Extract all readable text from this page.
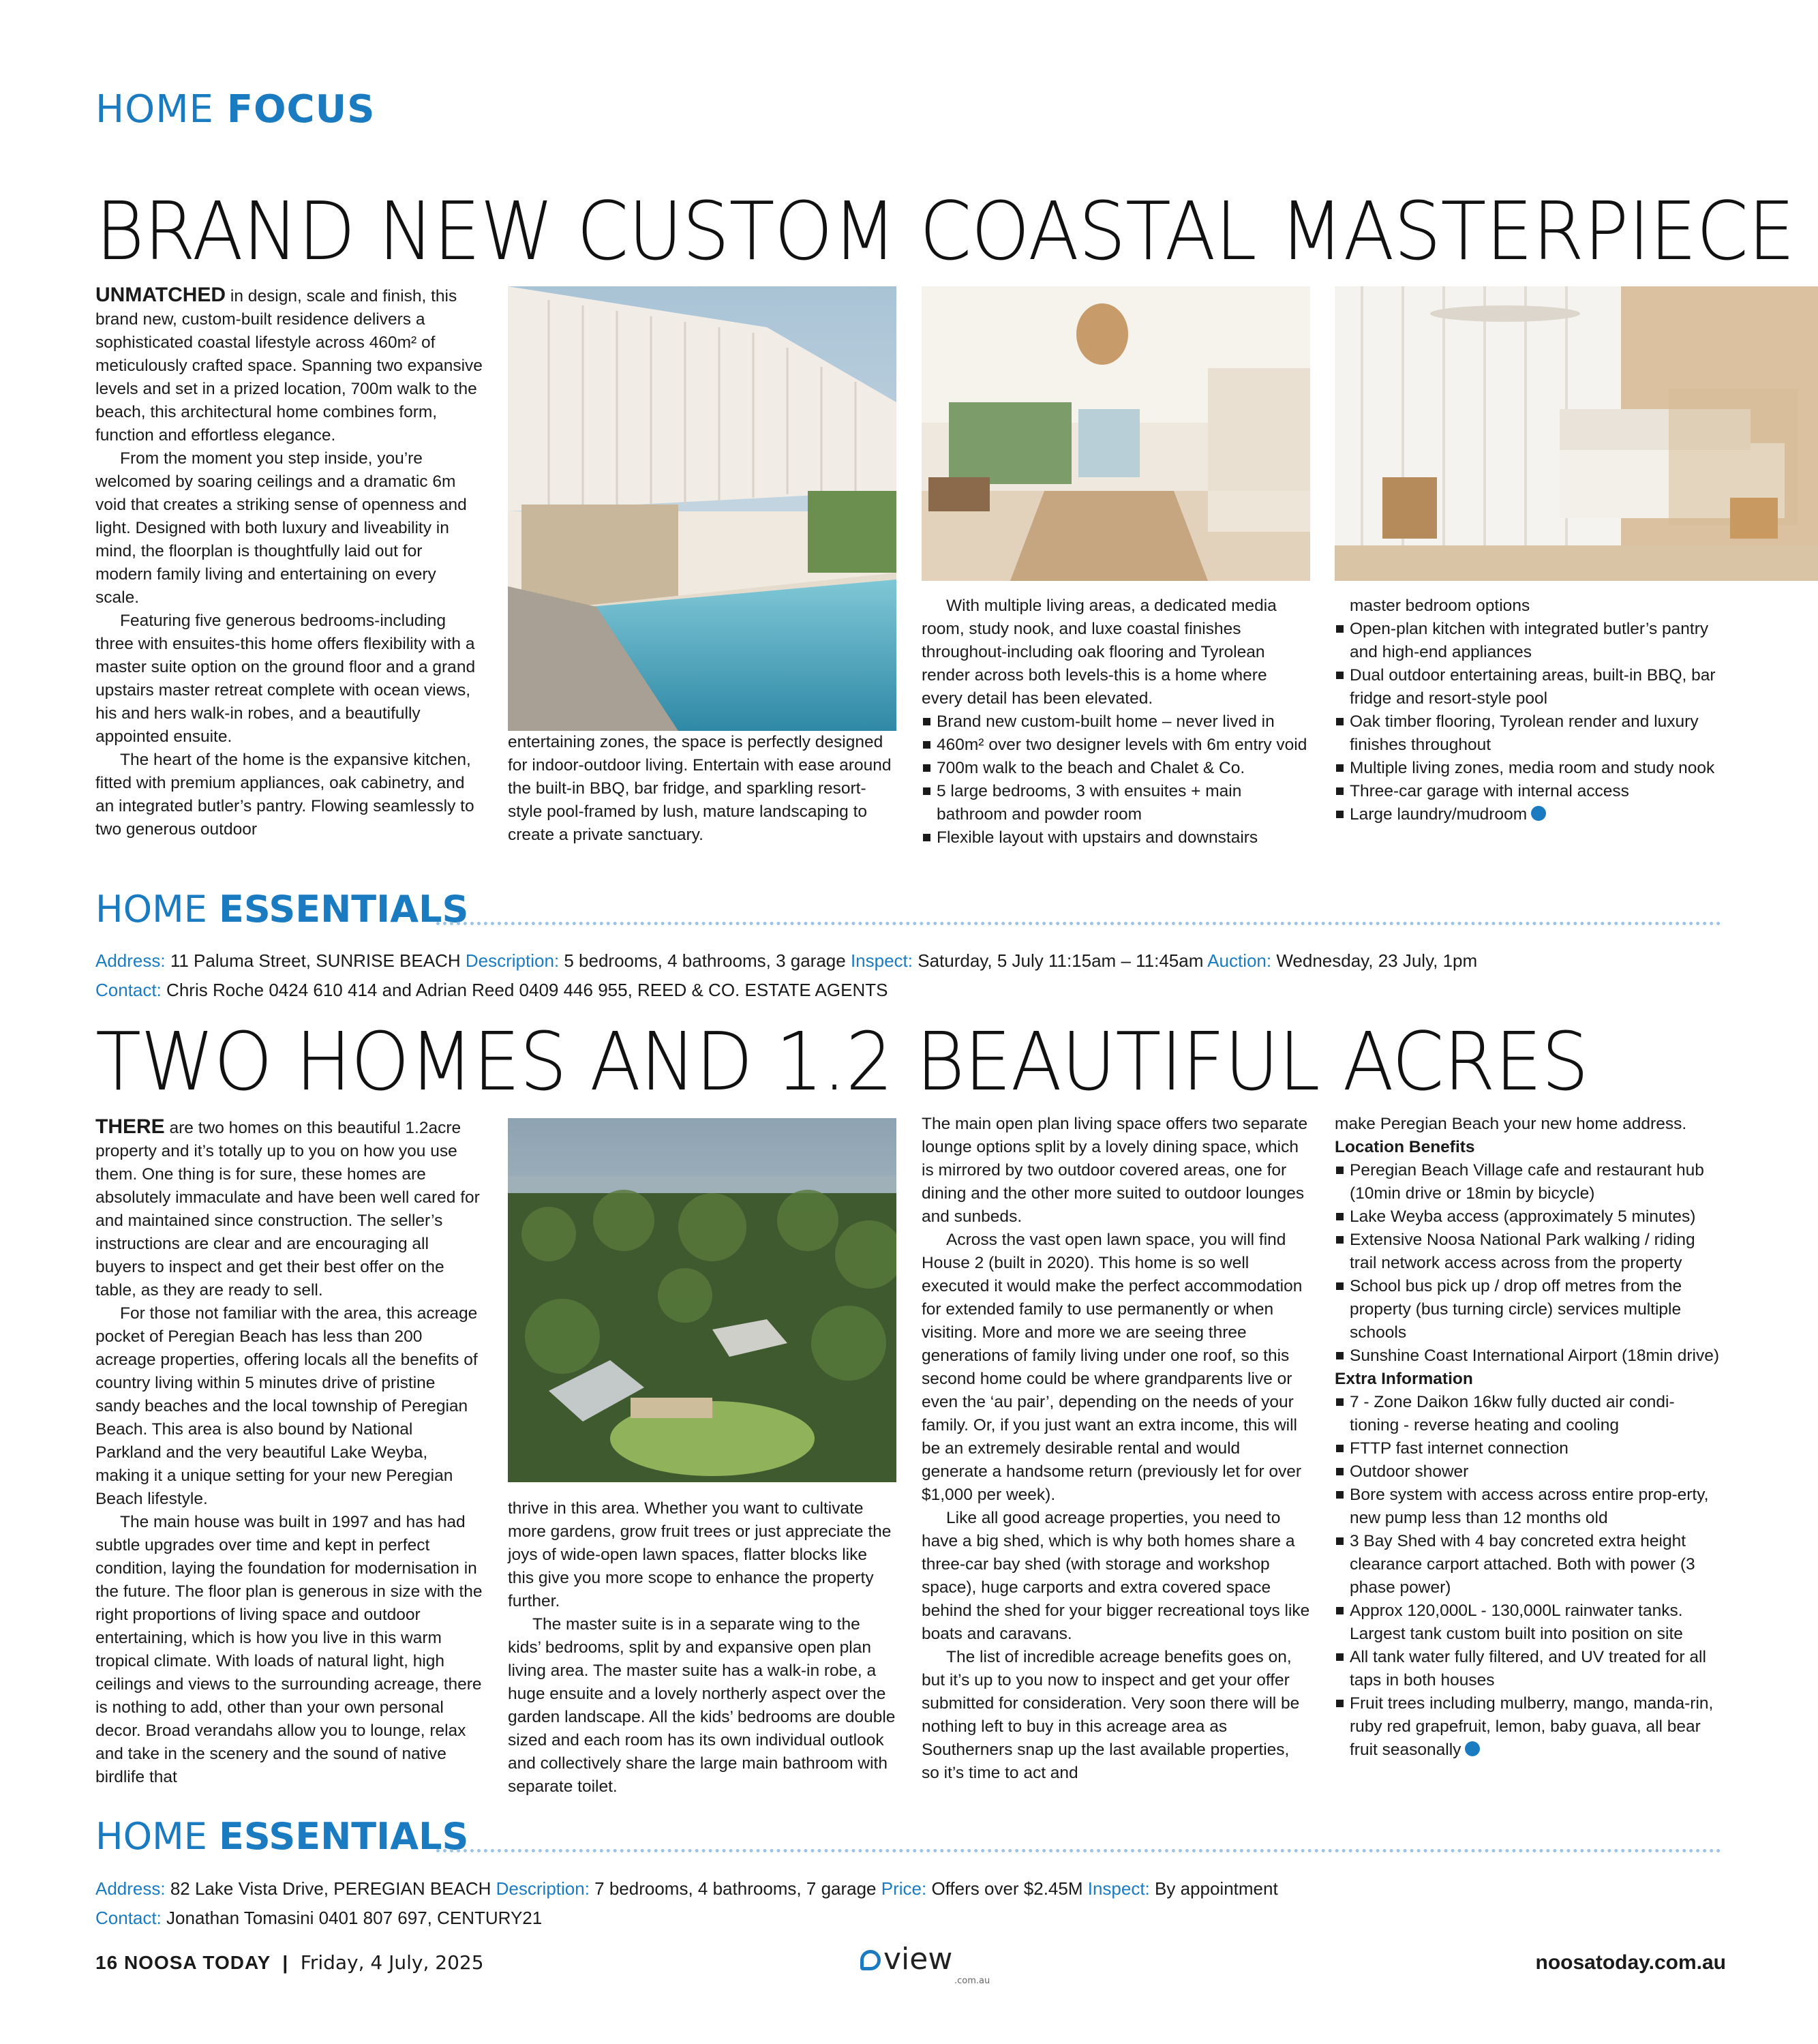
HOME FOCUS
BRAND NEW CUSTOM COASTAL MASTERPIECE

UNMATCHED in design, scale and finish, this brand new, custom-built residence delivers a sophisticated coastal lifestyle across 460m² of meticulously crafted space. Spanning two expansive levels and set in a prized location, 700m walk to the beach, this architectural home combines form, function and effortless elegance.

From the moment you step inside, you’re welcomed by soaring ceilings and a dramatic 6m void that creates a striking sense of openness and light. Designed with both luxury and liveability in mind, the floorplan is thoughtfully laid out for modern family living and entertaining on every scale.

Featuring five generous bedrooms-including three with ensuites-this home offers flexibility with a master suite option on the ground floor and a grand upstairs master retreat complete with ocean views, his and hers walk-in robes, and a beautifully appointed ensuite.

The heart of the home is the expansive kitchen, fitted with premium appliances, oak cabinetry, and an integrated butler’s pantry. Flowing seamlessly to two generous outdoor

entertaining zones, the space is perfectly designed for indoor-outdoor living. Entertain with ease around the built-in BBQ, bar fridge, and sparkling resort-style pool-framed by lush, mature landscaping to create a private sanctuary.

With multiple living areas, a dedicated media room, study nook, and luxe coastal finishes throughout-including oak flooring and Tyrolean render across both levels-this is a home where every detail has been elevated.

Brand new custom-built home – never lived in
460m² over two designer levels with 6m entry void
700m walk to the beach and Chalet & Co.
5 large bedrooms, 3 with ensuites + main bathroom and powder room
Flexible layout with upstairs and downstairs
master bedroom options
Open-plan kitchen with integrated butler’s pantry and high-end appliances
Dual outdoor entertaining areas, built-in BBQ, bar fridge and resort-style pool
Oak timber flooring, Tyrolean render and luxury finishes throughout
Multiple living zones, media room and study nook
Three-car garage with internal access
Large laundry/mudroom
HOME ESSENTIALS
Address: 11 Paluma Street, SUNRISE BEACH Description: 5 bedrooms, 4 bathrooms, 3 garage Inspect: Saturday, 5 July 11:15am – 11:45am Auction: Wednesday, 23 July, 1pm
Contact: Chris Roche 0424 610 414 and Adrian Reed 0409 446 955, REED & CO. ESTATE AGENTS
TWO HOMES AND 1.2 BEAUTIFUL ACRES

THERE are two homes on this beautiful 1.2acre property and it’s totally up to you on how you use them. One thing is for sure, these homes are absolutely immaculate and have been well cared for and maintained since construction. The seller’s instructions are clear and are encouraging all buyers to inspect and get their best offer on the table, as they are ready to sell.

For those not familiar with the area, this acreage pocket of Peregian Beach has less than 200 acreage properties, offering locals all the benefits of country living within 5 minutes drive of pristine sandy beaches and the local township of Peregian Beach. This area is also bound by National Parkland and the very beautiful Lake Weyba, making it a unique setting for your new Peregian Beach lifestyle.

The main house was built in 1997 and has had subtle upgrades over time and kept in perfect condition, laying the foundation for modernisation in the future. The floor plan is generous in size with the right proportions of living space and outdoor entertaining, which is how you live in this warm tropical climate. With loads of natural light, high ceilings and views to the surrounding acreage, there is nothing to add, other than your own personal decor. Broad verandahs allow you to lounge, relax and take in the scenery and the sound of native birdlife that

thrive in this area. Whether you want to cultivate more gardens, grow fruit trees or just appreciate the joys of wide-open lawn spaces, flatter blocks like this give you more scope to enhance the property further.

The master suite is in a separate wing to the kids’ bedrooms, split by and expansive open plan living area. The master suite has a walk-in robe, a huge ensuite and a lovely northerly aspect over the garden landscape. All the kids’ bedrooms are double sized and each room has its own individual outlook and collectively share the large main bathroom with separate toilet.

The main open plan living space offers two separate lounge options split by a lovely dining space, which is mirrored by two outdoor covered areas, one for dining and the other more suited to outdoor lounges and sunbeds.

Across the vast open lawn space, you will find House 2 (built in 2020). This home is so well executed it would make the perfect accommodation for extended family to use permanently or when visiting. More and more we are seeing three generations of family living under one roof, so this second home could be where grandparents live or even the ‘au pair’, depending on the needs of your family. Or, if you just want an extra income, this will be an extremely desirable rental and would generate a handsome return (previously let for over $1,000 per week).

Like all good acreage properties, you need to have a big shed, which is why both homes share a three-car bay shed (with storage and workshop space), huge carports and extra covered space behind the shed for your bigger recreational toys like boats and caravans.

The list of incredible acreage benefits goes on, but it’s up to you now to inspect and get your offer submitted for consideration. Very soon there will be nothing left to buy in this acreage area as Southerners snap up the last available properties, so it’s time to act and

make Peregian Beach your new home address.
Location Benefits
Peregian Beach Village cafe and restaurant hub (10min drive or 18min by bicycle)
Lake Weyba access (approximately 5 minutes)
Extensive Noosa National Park walking / riding trail network access across from the property
School bus pick up / drop off metres from the property (bus turning circle) services multiple schools
Sunshine Coast International Airport (18min drive)
Extra Information
7 - Zone Daikon 16kw fully ducted air condi-tioning - reverse heating and cooling
FTTP fast internet connection
Outdoor shower
Bore system with access across entire prop-erty, new pump less than 12 months old
3 Bay Shed with 4 bay concreted extra height clearance carport attached. Both with power (3 phase power)
Approx 120,000L - 130,000L rainwater tanks. Largest tank custom built into position on site
All tank water fully filtered, and UV treated for all taps in both houses
Fruit trees including mulberry, mango, manda-rin, ruby red grapefruit, lemon, baby guava, all bear fruit seasonally
HOME ESSENTIALS
Address: 82 Lake Vista Drive, PEREGIAN BEACH Description: 7 bedrooms, 4 bathrooms, 7 garage Price: Offers over $2.45M Inspect: By appointment
Contact: Jonathan Tomasini 0401 807 697, CENTURY21
16 NOOSA TODAY | Friday, 4 July, 2025	view
.com.au
noosatoday.com.au
